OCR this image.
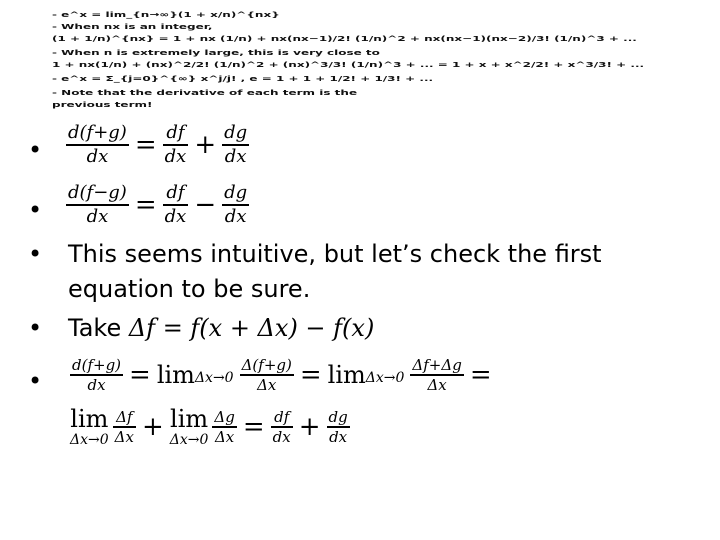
- e^x = lim_{n→∞}(1 + x/n)^{nx}
- When nx is an integer,
(1 + 1/n)^{nx} = 1 + nx (1/n) + nx(nx−1)/2! (1/n)^2 + nx(nx−1)(nx−2)/3! (1/n)^3 + ...
- When n is extremely large, this is very close to
1 + nx(1/n) + (nx)^2/2! (1/n)^2 + (nx)^3/3! (1/n)^3 + ... = 1 + x + x^2/2! + x^3/3! + ...
- e^x = Σ_{j=0}^{∞} x^j/j! , e = 1 + 1 + 1/2! + 1/3! + ...
- Note that the derivative of each term is the
previous term!
• $\frac{d(f+g)}{dx} = \frac{df}{dx} + \frac{dg}{dx}$
• $\frac{d(f-g)}{dx} = \frac{df}{dx} - \frac{dg}{dx}$
• This seems intuitive, but let’s check the first
equation to be sure.
• Take Δf = f(x + Δx) − f(x)
• $\frac{d(f+g)}{dx} = \lim \Delta x\to 0 \frac{\Delta(f+g)}{\Delta x} = \lim \Delta x\to 0 \frac{\Delta f+\Delta g}{\Delta x}$ =
lim
$\Delta x\to 0 \frac{\Delta f}{\Delta x} + \lim$
$\Delta x\to 0 \frac{\Delta g}{\Delta x} = \frac{df}{dx} + \frac{dg}{dx}$
